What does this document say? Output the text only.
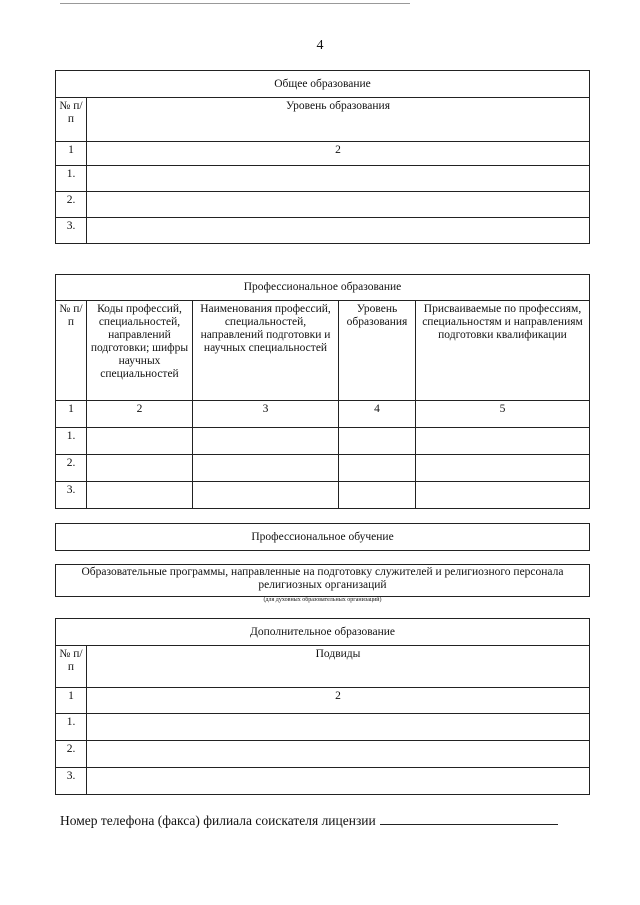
4
Общее образование	
№ п/п	Уровень образования
1	2
1.	
2.	
3.	
Профессиональное образование				
№ п/п	Коды профессий, специальностей, направлений подготовки; шифры научных специальностей	Наименования профессий, специальностей, направлений подготовки и научных специальностей	Уровень образования	Присваиваемые по профессиям, специальностям и направлениям подготовки квалификации
1	2	3	4	5
1.				
2.				
3.				
Профессиональное обучение
Образовательные программы, направленные на подготовку служителей и религиозного персонала религиозных организаций
(для духовных образовательных организаций)
Дополнительное образование	
№ п/п	Подвиды
1	2
1.	
2.	
3.	
Номер телефона (факса) филиала соискателя лицензии
